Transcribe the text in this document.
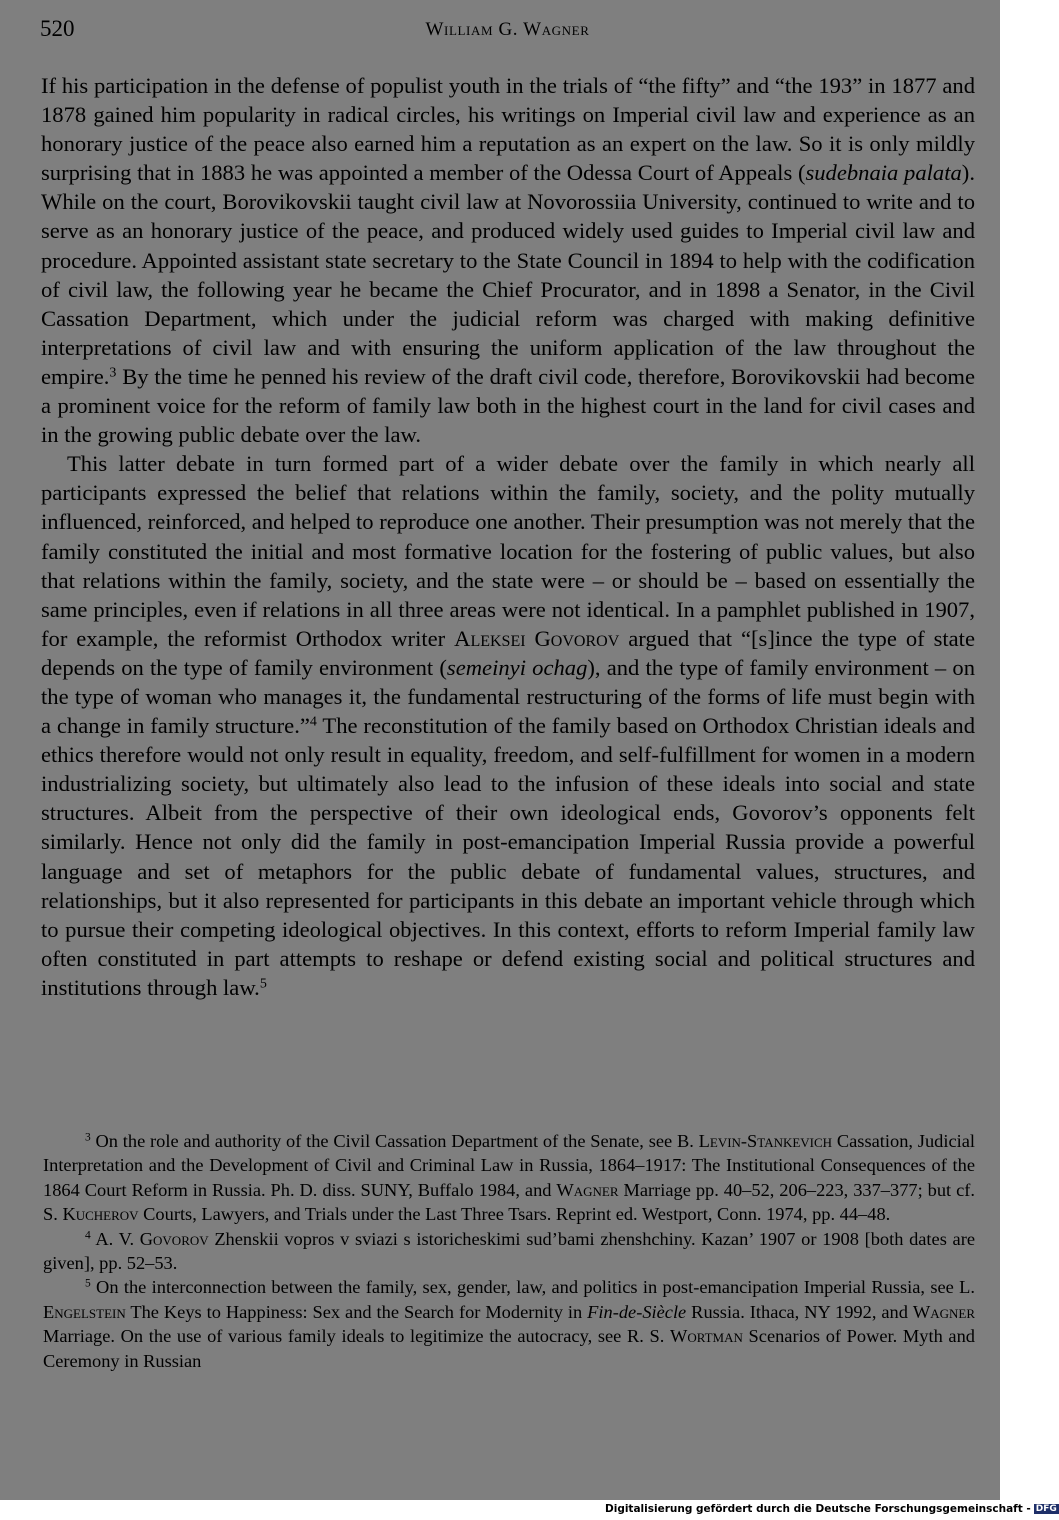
520	William G. Wagner

If his participation in the defense of populist youth in the trials of “the fifty” and “the 193” in 1877 and 1878 gained him popularity in radical circles, his writings on Imperial civil law and experience as an honorary justice of the peace also earned him a reputation as an expert on the law. So it is only mildly surprising that in 1883 he was appointed a member of the Odessa Court of Appeals (sudebnaia palata). While on the court, Borovikovskii taught civil law at Novorossiia University, continued to write and to serve as an honorary justice of the peace, and produced widely used guides to Imperial civil law and procedure. Appointed assistant state secretary to the State Council in 1894 to help with the codification of civil law, the following year he became the Chief Procurator, and in 1898 a Senator, in the Civil Cassation Department, which under the judicial reform was charged with making definitive interpretations of civil law and with ensuring the uniform application of the law throughout the empire.$^3$ By the time he penned his review of the draft civil code, therefore, Borovikovskii had become a prominent voice for the reform of family law both in the highest court in the land for civil cases and in the growing public debate over the law.

This latter debate in turn formed part of a wider debate over the family in which nearly all participants expressed the belief that relations within the family, society, and the polity mutually influenced, reinforced, and helped to reproduce one another. Their presumption was not merely that the family constituted the initial and most formative location for the fostering of public values, but also that relations within the family, society, and the state were – or should be – based on essentially the same principles, even if relations in all three areas were not identical. In a pamphlet published in 1907, for example, the reformist Orthodox writer Aleksei Govorov argued that “[s]ince the type of state depends on the type of family environment (semeinyi ochag), and the type of family environment – on the type of woman who manages it, the fundamental restructuring of the forms of life must begin with a change in family structure.”$^4$ The reconstitution of the family based on Orthodox Christian ideals and ethics therefore would not only result in equality, freedom, and self-fulfillment for women in a modern industrializing society, but ultimately also lead to the infusion of these ideals into social and state structures. Albeit from the perspective of their own ideological ends, Govorov’s opponents felt similarly. Hence not only did the family in post-emancipation Imperial Russia provide a powerful language and set of metaphors for the public debate of fundamental values, structures, and relationships, but it also represented for participants in this debate an important vehicle through which to pursue their competing ideological objectives. In this context, efforts to reform Imperial family law often constituted in part attempts to reshape or defend existing social and political structures and institutions through law.$^5$

$^3$ On the role and authority of the Civil Cassation Department of the Senate, see B. Levin-Stankevich Cassation, Judicial Interpretation and the Development of Civil and Criminal Law in Russia, 1864–1917: The Institutional Consequences of the 1864 Court Reform in Russia. Ph. D. diss. SUNY, Buffalo 1984, and Wagner Marriage pp. 40–52, 206–223, 337–377; but cf. S. Kucherov Courts, Lawyers, and Trials under the Last Three Tsars. Reprint ed. Westport, Conn. 1974, pp. 44–48.

$^4$ A. V. Govorov Zhenskii vopros v sviazi s istoricheskimi sud’bami zhenshchiny. Kazan’ 1907 or 1908 [both dates are given], pp. 52–53.

$^5$ On the interconnection between the family, sex, gender, law, and politics in post-emancipation Imperial Russia, see L. Engelstein The Keys to Happiness: Sex and the Search for Modernity in Fin-de-Siècle Russia. Ithaca, NY 1992, and Wagner Marriage. On the use of various family ideals to legitimize the autocracy, see R. S. Wortman Scenarios of Power. Myth and Ceremony in Russian

Digitalisierung gefördert durch die Deutsche Forschungsgemeinschaft - DFG
